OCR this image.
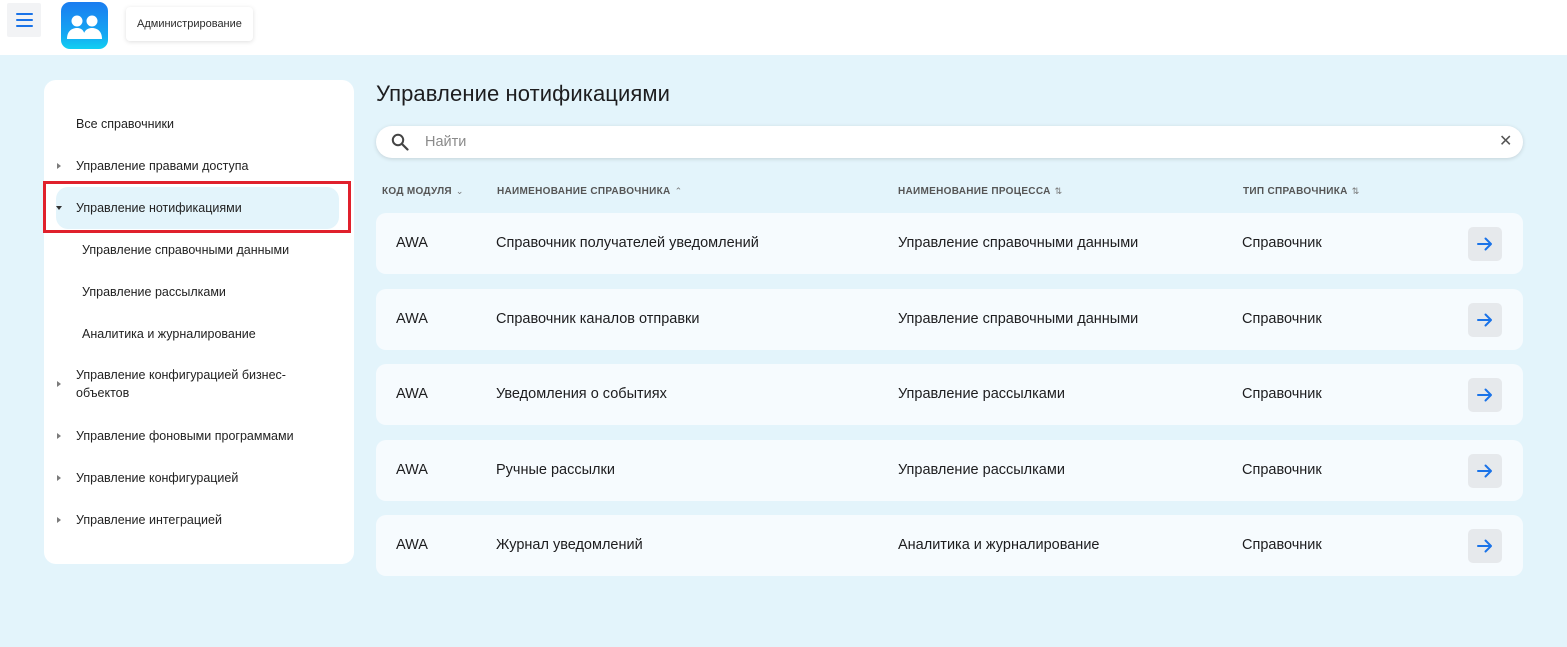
Администрирование
Все справочники
Управление правами доступа
Управление нотификациями
Управление справочными данными
Управление рассылками
Аналитика и журналирование
Управление конфигурацией бизнес-объектов
Управление фоновыми программами
Управление конфигурацией
Управление интеграцией
Управление нотификациями
Найти
✕
КОД МОДУЛЯ ⌄	НАИМЕНОВАНИЕ СПРАВОЧНИКА ⌃	НАИМЕНОВАНИЕ ПРОЦЕССА ⇅	ТИП СПРАВОЧНИКА ⇅
AWA	Справочник получателей уведомлений	Управление справочными данными	Справочник
AWA	Справочник каналов отправки	Управление справочными данными	Справочник
AWA	Уведомления о событиях	Управление рассылками	Справочник
AWA	Ручные рассылки	Управление рассылками	Справочник
AWA	Журнал уведомлений	Аналитика и журналирование	Справочник
